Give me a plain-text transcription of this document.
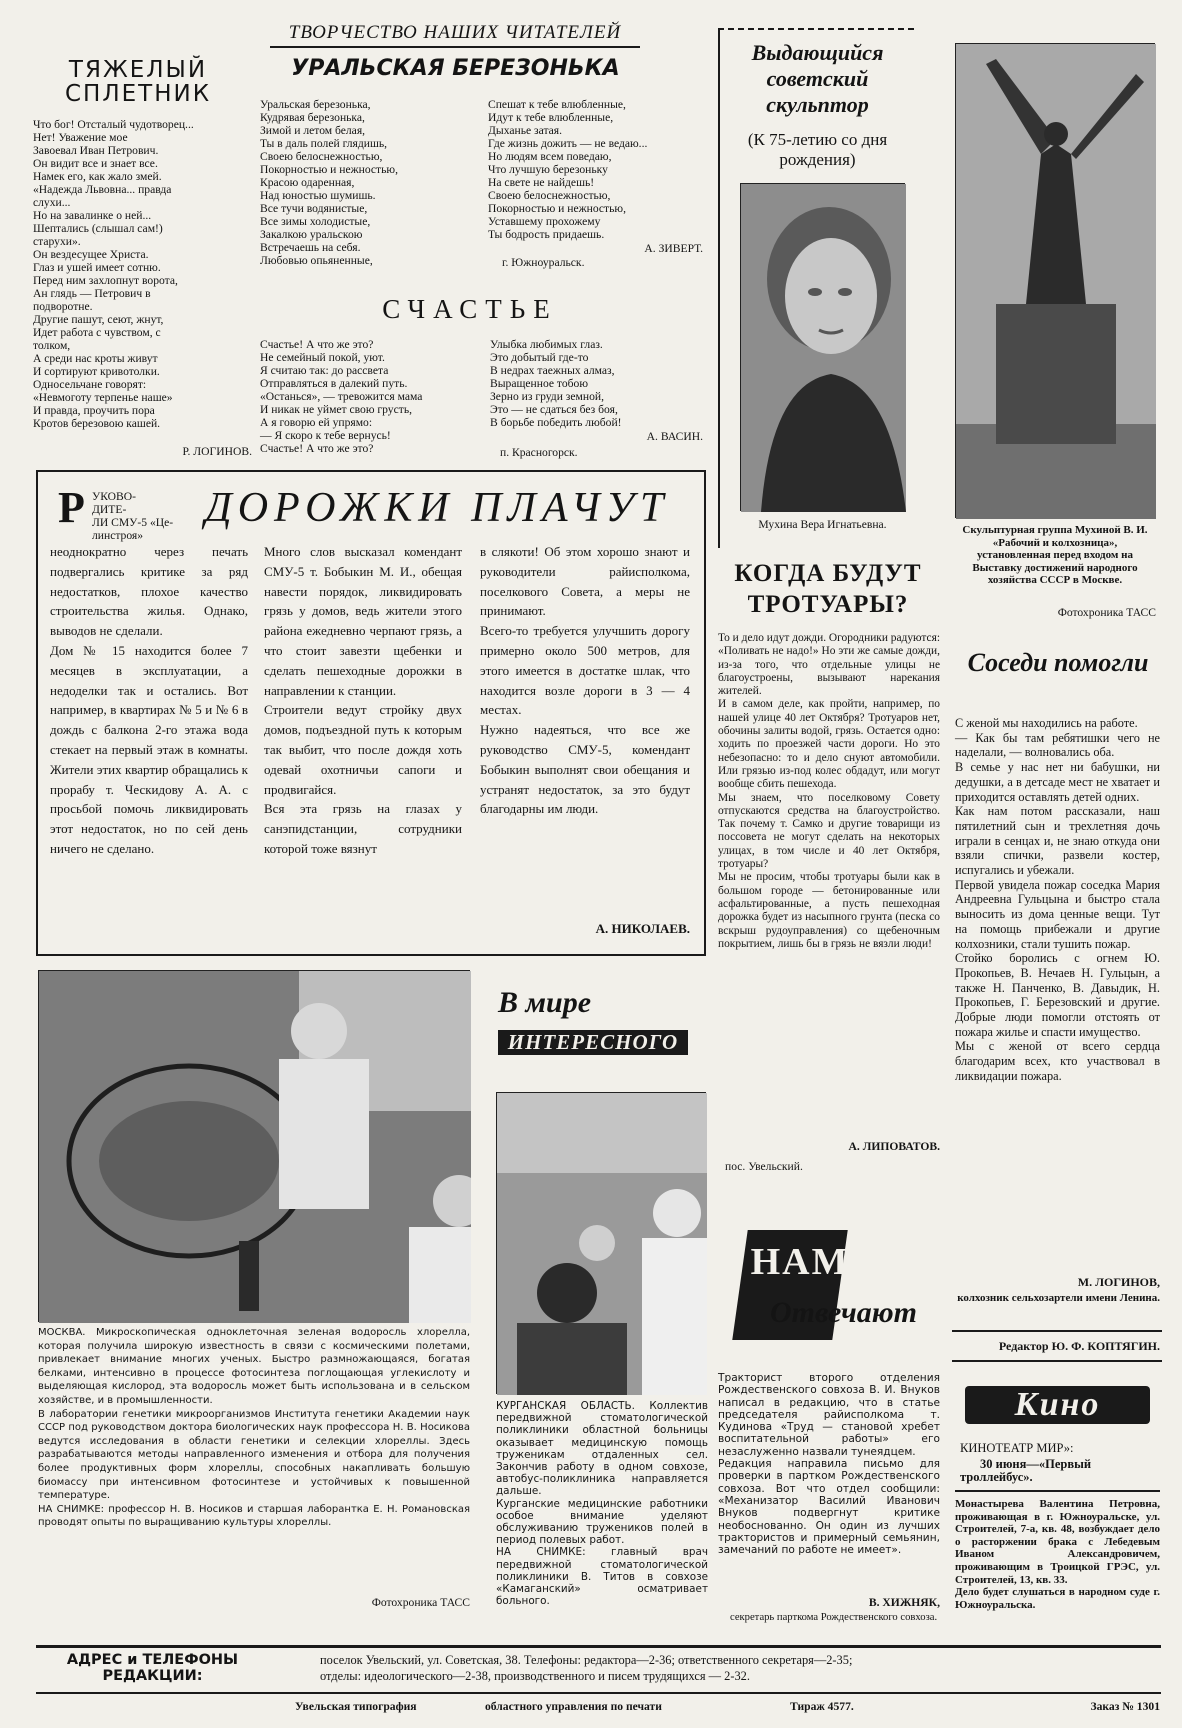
ТВОРЧЕСТВО НАШИХ ЧИТАТЕЛЕЙ
ТЯЖЕЛЫЙ СПЛЕТНИК
Что бог! Отсталый чудотворец...
Нет! Уважение мое
Завоевал Иван Петрович.
Он видит все и знает все.
Намек его, как жало змей.
«Надежда Львовна... правда
слухи...
Но на завалинке о ней...
Шептались (слышал сам!)
старухи».
Он вездесущее Христа.
Глаз и ушей имеет сотню.
Перед ним захлопнут ворота,
Ан глядь — Петрович в
подворотне.
Другие пашут, сеют, жнут,
Идет работа с чувством, с
толком,
А среди нас кроты живут
И сортируют кривотолки.
Односельчане говорят:
«Невмоготу терпенье наше»
И правда, проучить пора
Кротов березовою кашей.
Р. ЛОГИНОВ.
УРАЛЬСКАЯ БЕРЕЗОНЬКА
Уральская березонька,
Кудрявая березонька,
Зимой и летом белая,
Ты в даль полей глядишь,
Своею белоснежностью,
Покорностью и нежностью,
Красою одаренная,
Над юностью шумишь.
Все тучи водянистые,
Все зимы холодистые,
Закалкою уральскою
Встречаешь на себя.
Любовью опьяненные,
Спешат к тебе влюбленные,
Идут к тебе влюбленные,
Дыханье затая.
Где жизнь дожить — не ведаю...
Но людям всем поведаю,
Что лучшую березоньку
На свете не найдешь!
Своею белоснежностью,
Покорностью и нежностью,
Уставшему прохожему
Ты бодрость придаешь.
А. ЗИВЕРТ.
г. Южноуральск.
СЧАСТЬЕ
Счастье! А что же это?
Не семейный покой, уют.
Я считаю так: до рассвета
Отправляться в далекий путь.
«Останься», — тревожится мама
И никак не уймет свою грусть,
А я говорю ей упрямо:
— Я скоро к тебе вернусь!
Счастье! А что же это?
Улыбка любимых глаз.
Это добытый где-то
В недрах таежных алмаз,
Выращенное тобою
Зерно из груди земной,
Это — не сдаться без боя,
В борьбе победить любой!
А. ВАСИН.
п. Красногорск.
Выдающийся советский скульптор
(К 75-летию со дня рождения)
Мухина Вера Игнатьевна.	Скульптурная группа Мухиной В. И. «Рабочий и колхозница», установленная перед входом на Выставку достижений народного хозяйства СССР в Москве.
Фотохроника ТАСС
Р УКОВО-
ДИТЕ-
ЛИ СМУ-5 «Це-
линстроя»
ДОРОЖКИ ПЛАЧУТ
неоднократно через печать подвергались критике за ряд недостатков, плохое качество строительства жилья. Однако, выводов не сделали.
Дом № 15 находится более 7 месяцев в эксплуатации, а недоделки так и остались. Вот например, в квартирах № 5 и № 6 в дождь с балкона 2-го этажа вода стекает на первый этаж в комнаты. Жители этих квартир обращались к прорабу т. Ческидову А. А. с просьбой помочь ликвидировать этот недостаток, но по сей день ничего не сделано.
Много слов высказал комендант СМУ-5 т. Бобыкин М. И., обещая навести порядок, ликвидировать грязь у домов, ведь жители этого района ежедневно черпают грязь, а что стоит завезти щебенки и сделать пешеходные дорожки в направлении к станции.
Строители ведут стройку двух домов, подъездной путь к которым так выбит, что после дождя хоть одевай охотничьи сапоги и продвигайся.
Вся эта грязь на глазах у санэпидстанции, сотрудники которой тоже вязнут
в слякоти! Об этом хорошо знают и руководители райисполкома, поселкового Совета, а меры не принимают.
Всего-то требуется улучшить дорогу примерно около 500 метров, для этого имеется в достатке шлак, что находится возле дороги в 3 — 4 местах.
Нужно надеяться, что все же руководство СМУ-5, комендант Бобыкин выполнят свои обещания и устранят недостаток, за это будут благодарны им люди.
А. НИКОЛАЕВ.
КОГДА БУДУТ ТРОТУАРЫ?
То и дело идут дожди. Огородники радуются: «Поливать не надо!» Но эти же самые дожди, из-за того, что отдельные улицы не благоустроены, вызывают нарекания жителей.
И в самом деле, как пройти, например, по нашей улице 40 лет Октября? Тротуаров нет, обочины залиты водой, грязь. Остается одно: ходить по проезжей части дороги. Но это небезопасно: то и дело снуют автомобили. Или грязью из-под колес обдадут, или могут вообще сбить пешехода.
Мы знаем, что поселковому Совету отпускаются средства на благоустройство. Так почему т. Самко и другие товарищи из поссовета не могут сделать на некоторых улицах, в том числе и 40 лет Октября, тротуары?
Мы не просим, чтобы тротуары были как в большом городе — бетонированные или асфальтированные, а пусть пешеходная дорожка будет из насыпного грунта (песка со вскрыш рудоуправления) со щебеночным покрытием, лишь бы в грязь не вязли люди!
А. ЛИПОВАТОВ.
пос. Увельский.
Соседи помогли
С женой мы находились на работе.
— Как бы там ребятишки чего не наделали, — волновались оба.
В семье у нас нет ни бабушки, ни дедушки, а в детсаде мест не хватает и приходится оставлять детей одних.
Как нам потом рассказали, наш пятилетний сын и трехлетняя дочь играли в сенцах и, не знаю откуда они взяли спички, развели костер, испугались и убежали.
Первой увидела пожар соседка Мария Андреевна Гульцына и быстро стала выносить из дома ценные вещи. Тут на помощь прибежали и другие колхозники, стали тушить пожар.
Стойко боролись с огнем Ю. Прокопьев, В. Нечаев Н. Гульцын, а также Н. Панченко, В. Давыдик, Н. Прокопьев, Г. Березовский и другие. Добрые люди помогли отстоять от пожара жилье и спасти имущество.
Мы с женой от всего сердца благодарим всех, кто участвовал в ликвидации пожара.
М. ЛОГИНОВ,
колхозник сельхозартели имени Ленина.
Редактор Ю. Ф. КОПТЯГИН.
МОСКВА. Микроскопическая одноклеточная зеленая водоросль хлорелла, которая получила широкую известность в связи с космическими полетами, привлекает внимание многих ученых. Быстро размножающаяся, богатая белками, интенсивно в процессе фотосинтеза поглощающая углекислоту и выделяющая кислород, эта водоросль может быть использована и в сельском хозяйстве, и в промышленности.
В лаборатории генетики микроорганизмов Института генетики Академии наук СССР под руководством доктора биологических наук профессора Н. В. Носикова ведутся исследования в области генетики и селекции хлореллы. Здесь разрабатываются методы направленного изменения и отбора для получения более продуктивных форм хлореллы, способных накапливать большую биомассу при интенсивном фотосинтезе и устойчивых к повышенной температуре.
НА СНИМКЕ: профессор Н. В. Носиков и старшая лаборантка Е. Н. Романовская проводят опыты по выращиванию культуры хлореллы.
Фотохроника ТАСС
В мире
ИНТЕРЕСНОГО
КУРГАНСКАЯ ОБЛАСТЬ. Коллектив передвижной стоматологической поликлиники областной больницы оказывает медицинскую помощь труженикам отдаленных сел. Закончив работу в одном совхозе, автобус-поликлиника направляется дальше.
Курганские медицинские работники особое внимание уделяют обслуживанию тружеников полей в период полевых работ.
НА СНИМКЕ: главный врач передвижной стоматологической поликлиники В. Титов в совхозе «Камаганский» осматривает больного.
НАМ
Отвечают
Тракторист второго отделения Рождественского совхоза В. И. Внуков написал в редакцию, что в статье председателя райисполкома т. Кудинова «Труд — становой хребет воспитательной работы» его незаслуженно назвали тунеядцем.
Редакция направила письмо для проверки в партком Рождественского совхоза. Вот что отдел сообщили: «Механизатор Василий Иванович Внуков подвергнут критике необоснованно. Он один из лучших трактористов и примерный семьянин, замечаний по работе не имеет».
В. ХИЖНЯК,
секретарь парткома Рождественского совхоза.
Кино
КИНОТЕАТР МИР»:
30 июня—«Первый троллейбус».
Монастырева Валентина Петровна, проживающая в г. Южноуральске, ул. Строителей, 7-а, кв. 48, возбуждает дело о расторжении брака с Лебедевым Иваном Александровичем, проживающим в Троицкой ГРЭС, ул. Строителей, 13, кв. 33.
Дело будет слушаться в народном суде г. Южноуральска.
АДРЕС и ТЕЛЕФОНЫ
РЕДАКЦИИ:
поселок Увельский, ул. Советская, 38. Телефоны: редактора—2-36; ответственного секретаря—2-35;
отделы: идеологического—2-38, производственного и писем трудящихся — 2-32.
Увельская типография	областного управления по печати	Тираж 4577.	Заказ № 1301
